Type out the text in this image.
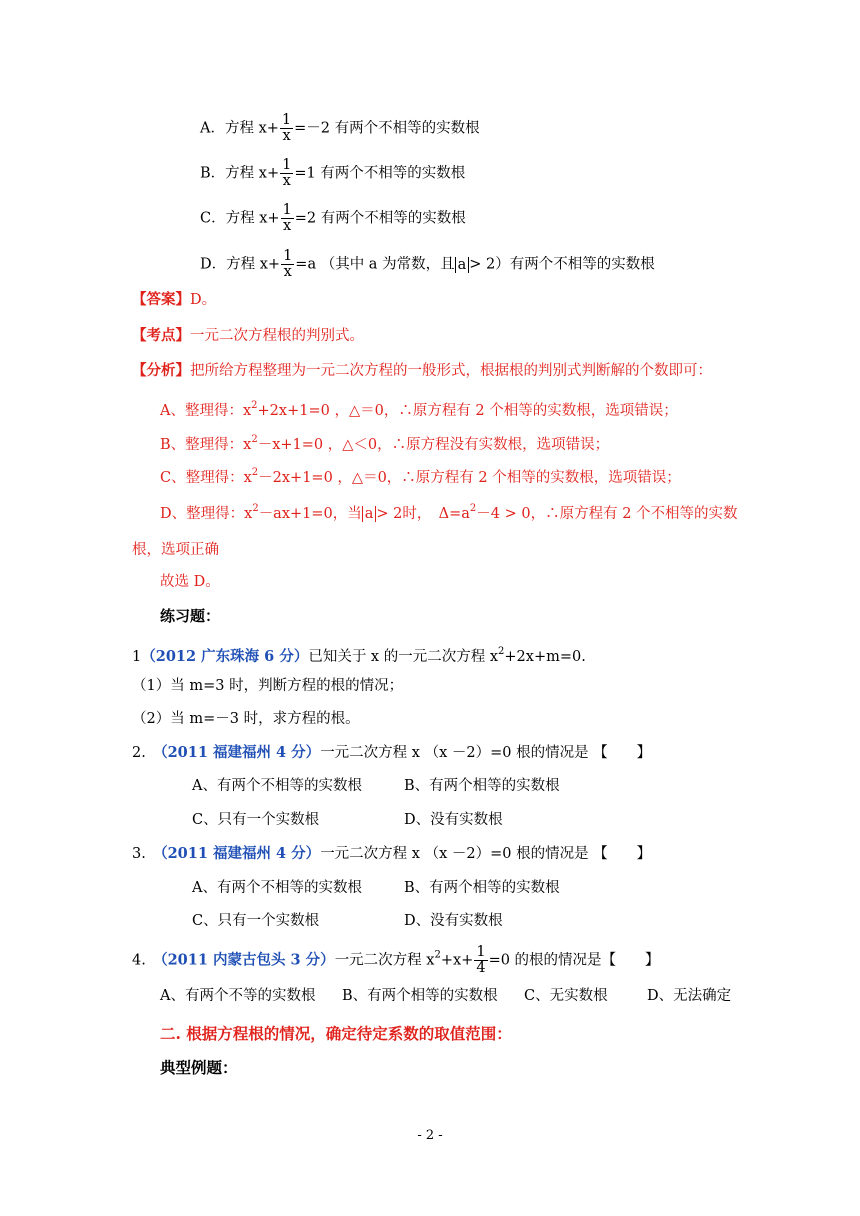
A．方程 $x+ \frac{1}{x} =-2$ 有两个不相等的实数根
B．方程 $x+ \frac{1}{x} =1$ 有两个不相等的实数根
C．方程 $x+ \frac{1}{x} =2$ 有两个不相等的实数根
D．方程 $x+ \frac{1}{x} =a$ （其中 a 为常数，且 a > 2）有两个不相等的实数根
【答案】D。
【考点】一元二次方程根的判别式。
【分析】把所给方程整理为一元二次方程的一般形式，根据根的判别式判断解的个数即可：
A、整理得：$x^2+2x+1=0$ ，△＝0，∴原方程有 2 个相等的实数根，选项错误；
B、整理得：$x^2-x+1=0$ ，△＜0，∴原方程没有实数根，选项错误；
C、整理得：$x^2-2x+1=0$ ，△＝0，∴原方程有 2 个相等的实数根，选项错误；
D、整理得：$x^2-ax+1=0$，当 a > 2时，　$\Delta=a^2-4 > 0$，∴原方程有 2 个不相等的实数
根，选项正确
故选 D。
练习题：
1（2012 广东珠海 6 分）已知关于 x 的一元二次方程 $x^2+2x+m=0$.
（1）当 m=3 时，判断方程的根的情况；
（2）当 m=－3 时，求方程的根。
2.　 （2011 福建福州 4 分）一元二次方程 x （x －2）=0 根的情况是 【　　】
A、有两个不相等的实数根	B、有两个相等的实数根
C、只有一个实数根	D、没有实数根
3.　 （2011 福建福州 4 分）一元二次方程 x （x －2）=0 根的情况是 【　　】
A、有两个不相等的实数根	B、有两个相等的实数根
C、只有一个实数根	D、没有实数根
4.　 （2011 内蒙古包头 3 分）一元二次方程 $x^2+x+ \frac{1}{4} =0$ 的根的情况是【　　】
A、有两个不等的实数根 B、有两个相等的实数根 C、无实数根	D、无法确定
二. 根据方程根的情况，确定待定系数的取值范围：
典型例题：
- 2 -
